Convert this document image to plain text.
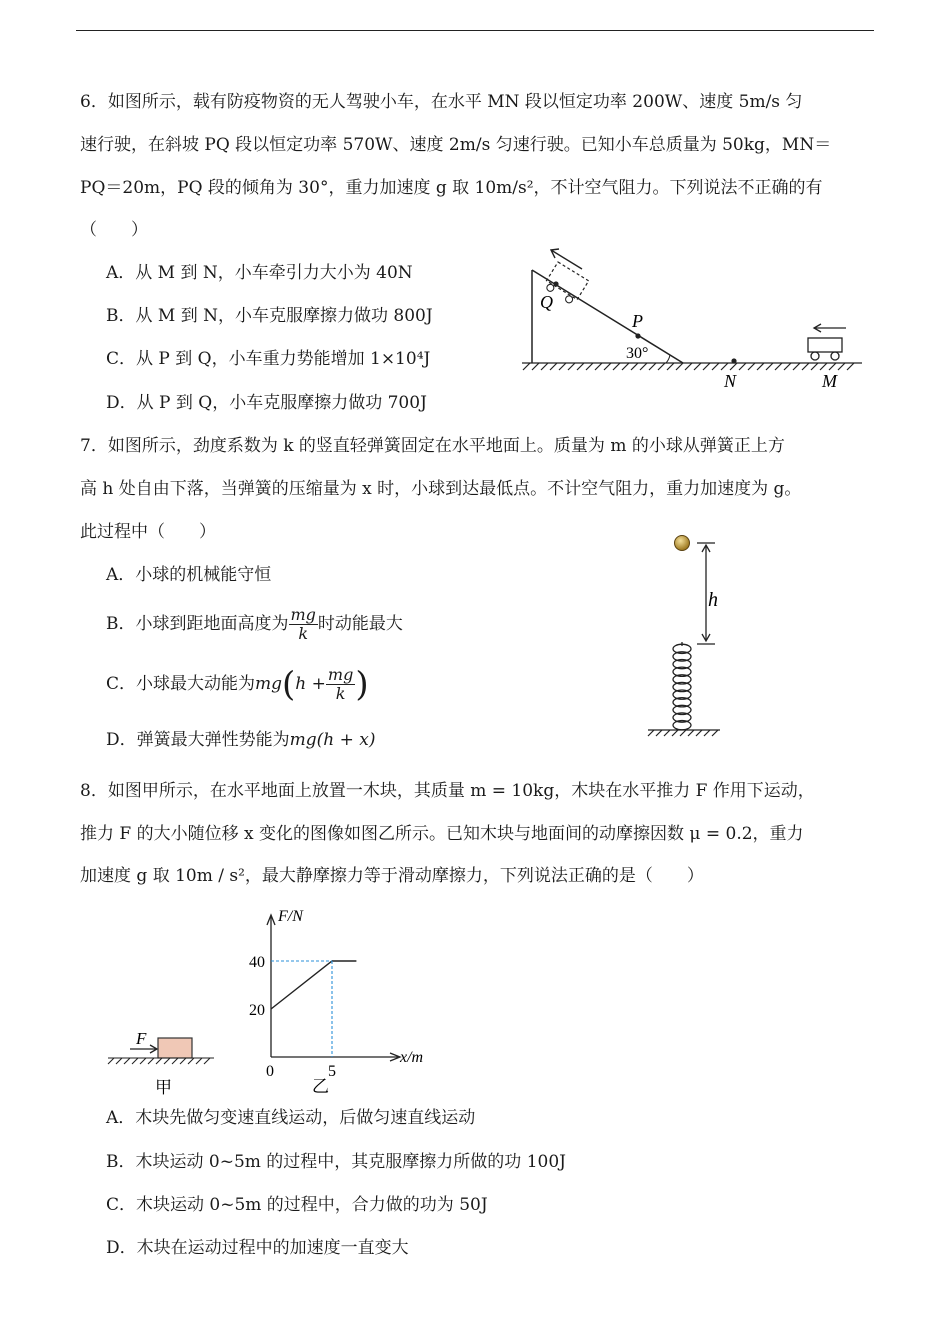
6．如图所示，载有防疫物资的无人驾驶小车，在水平 MN 段以恒定功率 200W、速度 5m/s 匀
速行驶，在斜坡 PQ 段以恒定功率 570W、速度 2m/s 匀速行驶。已知小车总质量为 50kg，MN＝
PQ＝20m，PQ 段的倾角为 30°，重力加速度 g 取 10m/s²，不计空气阻力。下列说法不正确的有
（　　）
A．从 M 到 N，小车牵引力大小为 40N
B．从 M 到 N，小车克服摩擦力做功 800J
C．从 P 到 Q，小车重力势能增加 1×10⁴J
D．从 P 到 Q，小车克服摩擦力做功 700J
Q
P
30°
N	M
7．如图所示，劲度系数为 k 的竖直轻弹簧固定在水平地面上。质量为 m 的小球从弹簧正上方
高 h 处自由下落，当弹簧的压缩量为 x 时，小球到达最低点。不计空气阻力，重力加速度为 g。
此过程中（　　）
A．小球的机械能守恒
B．小球到距地面高度为 $\frac{mg}{k}$ 时动能最大
C．小球最大动能为$mg(h + \frac{mg}{k}$ )
D．弹簧最大弹性势能为mg(h + x)
h
8．如图甲所示，在水平地面上放置一木块，其质量 m = 10kg，木块在水平推力 F 作用下运动，
推力 F 的大小随位移 x 变化的图像如图乙所示。已知木块与地面间的动摩擦因数 μ = 0.2，重力
加速度 g 取 10m / s²，最大静摩擦力等于滑动摩擦力，下列说法正确的是（　　）
F
甲
F/N
x/m
0
20
40
5
乙
A．木块先做匀变速直线运动，后做匀速直线运动
B．木块运动 0~5m 的过程中，其克服摩擦力所做的功 100J
C．木块运动 0~5m 的过程中，合力做的功为 50J
D．木块在运动过程中的加速度一直变大
